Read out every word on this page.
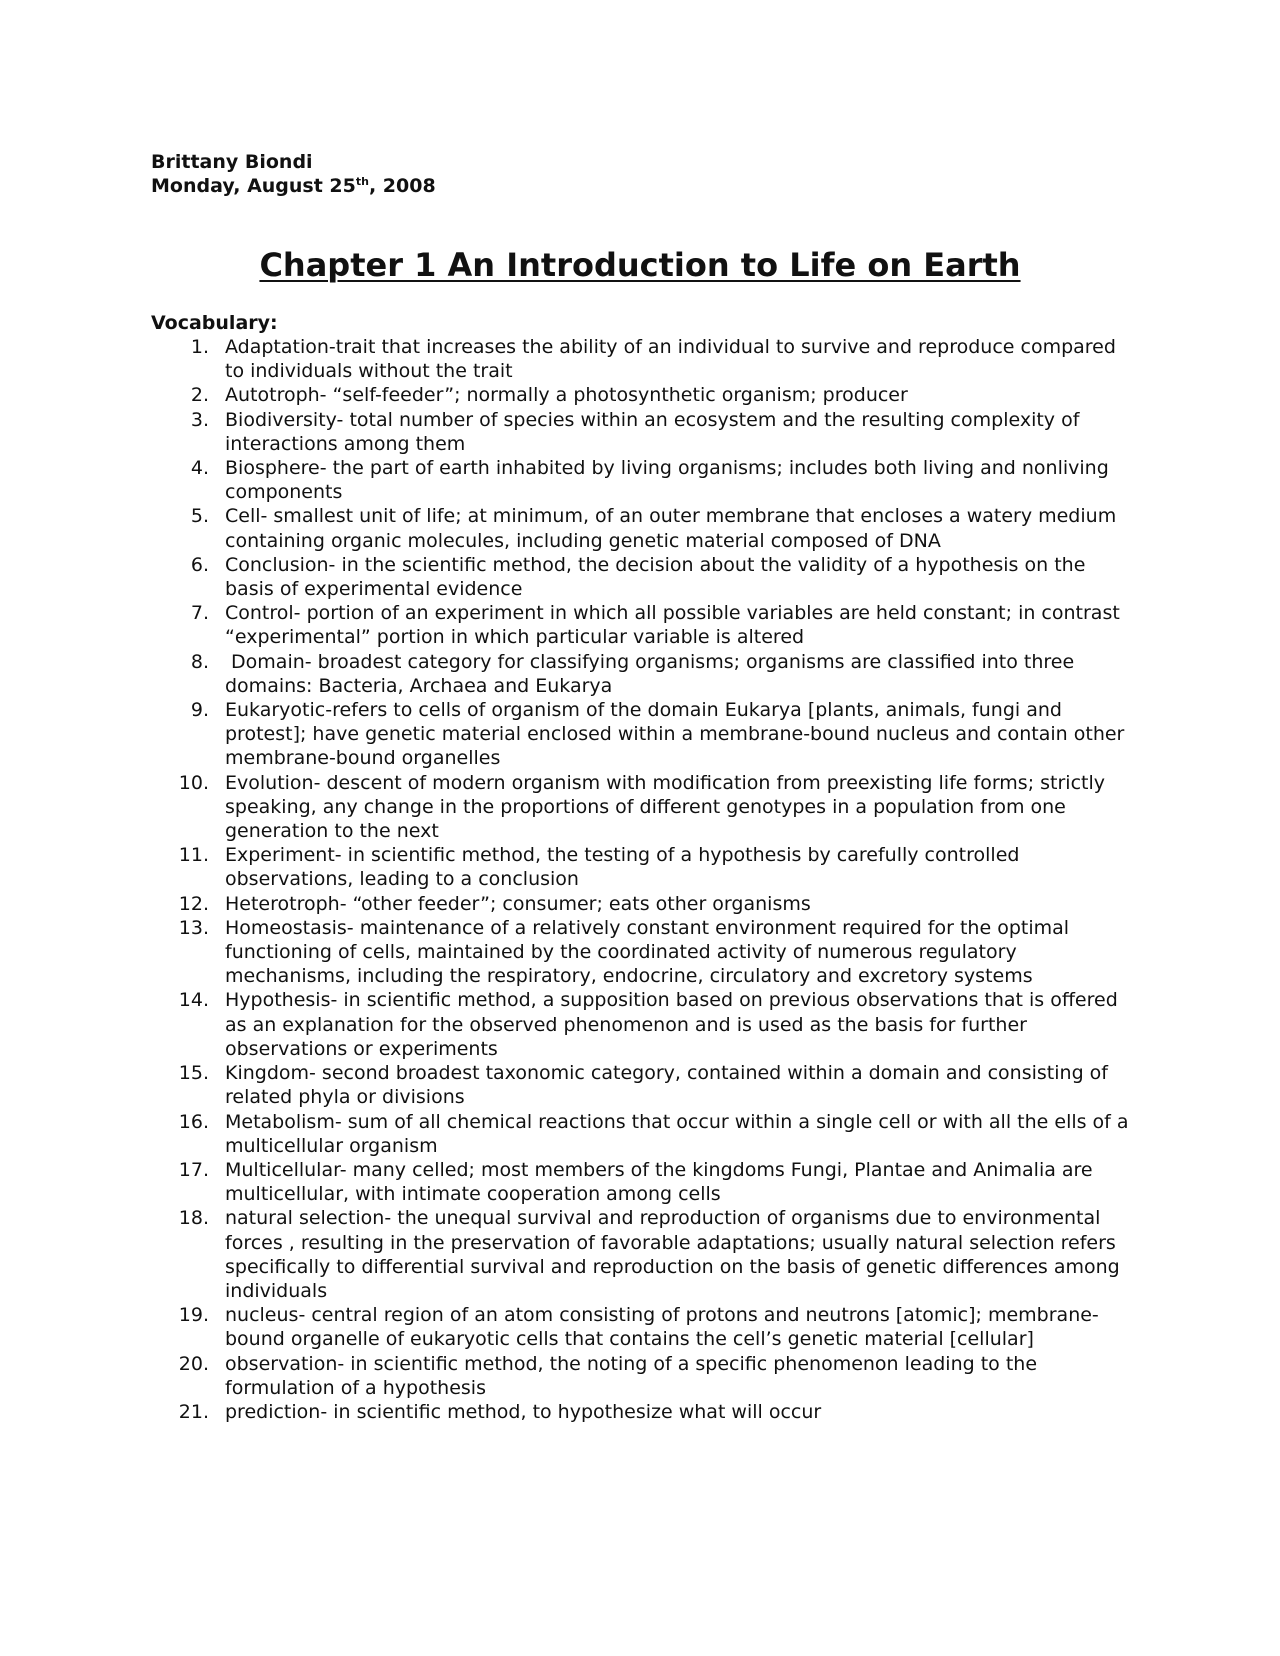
Brittany Biondi
Monday, August 25th, 2008
Chapter 1 An Introduction to Life on Earth
Vocabulary:
1. Adaptation-trait that increases the ability of an individual to survive and reproduce compared to individuals without the trait
2. Autotroph- “self-feeder”; normally a photosynthetic organism; producer
3. Biodiversity- total number of species within an ecosystem and the resulting complexity of interactions among them
4. Biosphere- the part of earth inhabited by living organisms; includes both living and nonliving components
5. Cell- smallest unit of life; at minimum, of an outer membrane that encloses a watery medium containing organic molecules, including genetic material composed of DNA
6. Conclusion- in the scientific method, the decision about the validity of a hypothesis on the basis of experimental evidence
7. Control- portion of an experiment in which all possible variables are held constant; in contrast “experimental” portion in which particular variable is altered
8. Domain- broadest category for classifying organisms; organisms are classified into three domains: Bacteria, Archaea and Eukarya
9. Eukaryotic-refers to cells of organism of the domain Eukarya [plants, animals, fungi and protest]; have genetic material enclosed within a membrane-bound nucleus and contain other membrane-bound organelles
10. Evolution- descent of modern organism with modification from preexisting life forms; strictly speaking, any change in the proportions of different genotypes in a population from one generation to the next
11. Experiment- in scientific method, the testing of a hypothesis by carefully controlled observations, leading to a conclusion
12. Heterotroph- “other feeder”; consumer; eats other organisms
13. Homeostasis- maintenance of a relatively constant environment required for the optimal functioning of cells, maintained by the coordinated activity of numerous regulatory mechanisms, including the respiratory, endocrine, circulatory and excretory systems
14. Hypothesis- in scientific method, a supposition based on previous observations that is offered as an explanation for the observed phenomenon and is used as the basis for further observations or experiments
15. Kingdom- second broadest taxonomic category, contained within a domain and consisting of related phyla or divisions
16. Metabolism- sum of all chemical reactions that occur within a single cell or with all the ells of a multicellular organism
17. Multicellular- many celled; most members of the kingdoms Fungi, Plantae and Animalia are multicellular, with intimate cooperation among cells
18. natural selection- the unequal survival and reproduction of organisms due to environmental forces , resulting in the preservation of favorable adaptations; usually natural selection refers specifically to differential survival and reproduction on the basis of genetic differences among individuals
19. nucleus- central region of an atom consisting of protons and neutrons [atomic]; membrane-bound organelle of eukaryotic cells that contains the cell’s genetic material [cellular]
20. observation- in scientific method, the noting of a specific phenomenon leading to the formulation of a hypothesis
21. prediction- in scientific method, to hypothesize what will occur
